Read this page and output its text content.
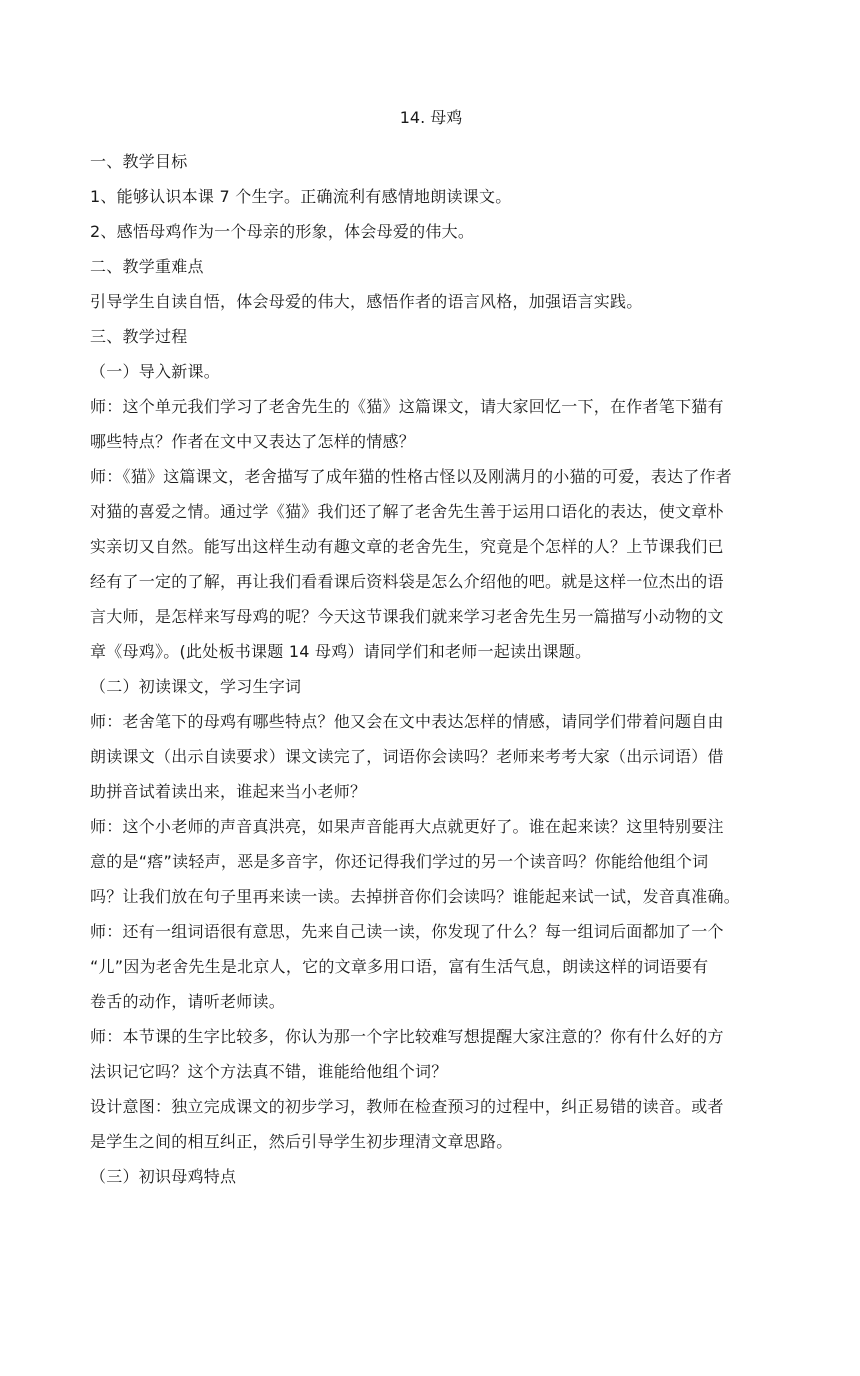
14. 母鸡
一、教学目标
1、能够认识本课 7 个生字。正确流利有感情地朗读课文。
2、感悟母鸡作为一个母亲的形象，体会母爱的伟大。
二、教学重难点
引导学生自读自悟，体会母爱的伟大，感悟作者的语言风格，加强语言实践。
三、教学过程
（一）导入新课。
师：这个单元我们学习了老舍先生的《猫》这篇课文，请大家回忆一下，在作者笔下猫有
哪些特点？作者在文中又表达了怎样的情感？
师：《猫》这篇课文，老舍描写了成年猫的性格古怪以及刚满月的小猫的可爱，表达了作者
对猫的喜爱之情。通过学《猫》我们还了解了老舍先生善于运用口语化的表达，使文章朴
实亲切又自然。能写出这样生动有趣文章的老舍先生，究竟是个怎样的人？上节课我们已
经有了一定的了解，再让我们看看课后资料袋是怎么介绍他的吧。就是这样一位杰出的语
言大师，是怎样来写母鸡的呢？今天这节课我们就来学习老舍先生另一篇描写小动物的文
章《母鸡》。(此处板书课题 14 母鸡）请同学们和老师一起读出课题。
（二）初读课文，学习生字词
师：老舍笔下的母鸡有哪些特点？他又会在文中表达怎样的情感，请同学们带着问题自由
朗读课文（出示自读要求）课文读完了，词语你会读吗？老师来考考大家（出示词语）借
助拼音试着读出来，谁起来当小老师？
师：这个小老师的声音真洪亮，如果声音能再大点就更好了。谁在起来读？这里特别要注
意的是“瘩”读轻声，恶是多音字，你还记得我们学过的另一个读音吗？你能给他组个词
吗？让我们放在句子里再来读一读。去掉拼音你们会读吗？谁能起来试一试，发音真准确。
师：还有一组词语很有意思，先来自己读一读，你发现了什么？每一组词后面都加了一个
“儿”因为老舍先生是北京人，它的文章多用口语，富有生活气息，朗读这样的词语要有
卷舌的动作，请听老师读。
师：本节课的生字比较多，你认为那一个字比较难写想提醒大家注意的？你有什么好的方
法识记它吗？这个方法真不错，谁能给他组个词？
设计意图：独立完成课文的初步学习，教师在检查预习的过程中，纠正易错的读音。或者
是学生之间的相互纠正，然后引导学生初步理清文章思路。
（三）初识母鸡特点
